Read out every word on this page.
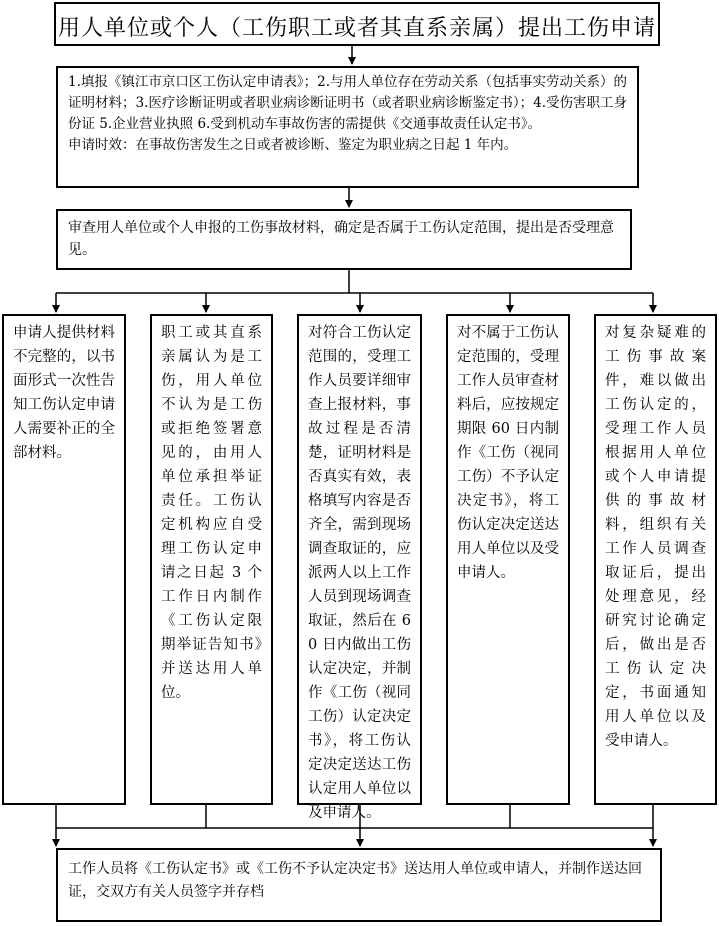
用人单位或个人（工伤职工或者其直系亲属）提出工伤申请

1.填报《镇江市京口区工伤认定申请表》；2.与用人单位存在劳动关系（包括事实劳动关系）的证明材料；3.医疗诊断证明或者职业病诊断证明书（或者职业病诊断鉴定书）；4.受伤害职工身份证 5.企业营业执照 6.受到机动车事故伤害的需提供《交通事故责任认定书》。

申请时效：在事故伤害发生之日或者被诊断、鉴定为职业病之日起 1 年内。

审查用人单位或个人申报的工伤事故材料，确定是否属于工伤认定范围，提出是否受理意见。
申请人提供材料不完整的，以书面形式一次性告知工伤认定申请人需要补正的全部材料。
职工或其直系亲属认为是工伤，用人单位不认为是工伤或拒绝签署意见的，由用人单位承担举证责任。工伤认定机构应自受理工伤认定申请之日起 3 个工作日内制作《工伤认定限期举证告知书》并送达用人单位。
对符合工伤认定范围的，受理工作人员要详细审查上报材料，事故过程是否清楚，证明材料是否真实有效，表格填写内容是否齐全，需到现场调查取证的，应派两人以上工作人员到现场调查取证，然后在 60 日内做出工伤认定决定，并制作《工伤（视同工伤）认定决定书》，将工伤认定决定送达工伤认定用人单位以及申请人。
对不属于工伤认定范围的，受理工作人员审查材料后，应按规定期限 60 日内制作《工伤（视同工伤）不予认定决定书》，将工伤认定决定送达用人单位以及受申请人。
对复杂疑难的工伤事故案件，难以做出工伤认定的，受理工作人员根据用人单位或个人申请提供的事故材料，组织有关工作人员调查取证后，提出处理意见，经研究讨论确定后，做出是否工伤认定决定，书面通知用人单位以及受申请人。
工作人员将《工伤认定书》或《工伤不予认定决定书》送达用人单位或申请人，并制作送达回证，交双方有关人员签字并存档
